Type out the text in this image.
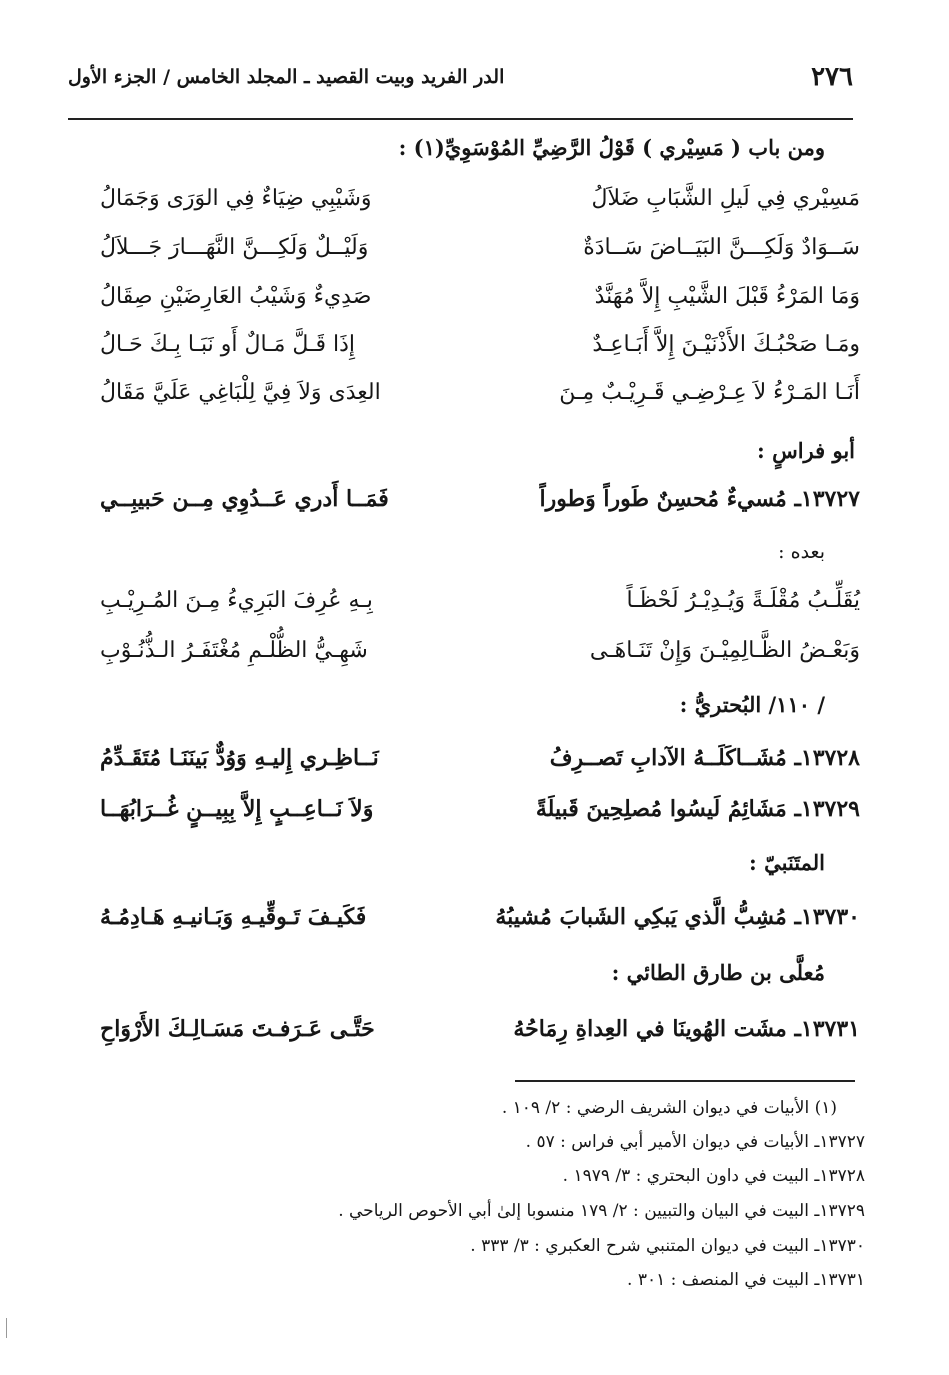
٢٧٦
الدر الفريد وبيت القصيد ـ المجلد الخامس / الجزء الأول
ومن باب ( مَسِيْري ) قَوْلُ الرَّضِيِّ المُوْسَوِيِّ(١) :
مَسِيْري فِي لَيلِ الشَّبَابِ ضَلاَلُ
وَشَيْبِي ضِيَاءٌ فِي الوَرَى وَجَمَالُ
سَــوَادٌ وَلَكِـــنَّ البَيَــاضَ سَــادَةٌ
وَلَيْــلٌ وَلَكِـــنَّ النَّهَـــارَ جَـــلاَلُ
وَمَا المَرْءُ قَبْلَ الشَّيْبِ إِلاَّ مُهَنَّدٌ
صَدِيءٌ وَشَيْبُ العَارِضَيْنِ صِقَالُ
ومَـا صَحْبُـكَ الأَذْنَيْـنَ إِلاَّ أَبَـاعِـدٌ
إِذَا قَـلَّ مَـالٌ أَو نَبَـا بِـكَ حَـالُ
أَنَـا المَـرْءُ لاَ عِـرْضِـي قَـرِيْـبٌ مِـنَ
العِدَى وَلاَ فِيَّ لِلْبَاغِي عَلَيَّ مَقَالُ
أبو فراسٍ :
١٣٧٢٧ـ مُسيءٌ مُحسِنٌ طَوراً وَطوراً
فَمَــا أَدري عَــدُوِي مِــن حَبيبِــي
بعده :
يُقَلِّـبُ مُقْلَـةً وَيُـدِيْـرُ لَحْظَـاً
بِـهِ عُرِفَ البَرِيءُ مِـنَ المُـرِيْـبِ
وَبَعْـضُ الظَّـالِمِيْـنَ وَإِنْ تَنَـاهَـى
شَهِـيُّ الظُّلْـمِ مُغْتَفَـرُ الـذُّنُـوْبِ
/ ١١٠/ البُحتريُّ :
١٣٧٢٨ـ مُشَــاكَلَــهُ الآدابِ تَصــرِفُ
نَــاظِـري إِليـهِ وَوُدٌّ بَينَنَـا مُتَقَـدِّمُ
١٣٧٢٩ـ مَشَائِمُ لَيسُوا مُصلِحِينَ قَبيلَةً
وَلاَ نَــاعِــبٍ إِلاَّ بِبِيــنٍ غُــرَابُهَــا
المتَنَبيّ :
١٣٧٣٠ـ مُشِبُّ الَّذي يَبكِي الشَبابَ مُشيبُهُ
فَكَيـفَ تَـوقِّيـهِ وَبَـانيـهِ هَـادِمُـهُ
مُعلَّى بن طارق الطائي :
١٣٧٣١ـ مشَت الهُوينَا في العِداةِ رِمَاحُهُ
حَتَّـى عَـرَفـتَ مَسَـالِـكَ الأَرْوَاحِ
(١) الأبيات في ديوان الشريف الرضي : ٢/ ١٠٩ .
١٣٧٢٧ـ الأبيات في ديوان الأمير أبي فراس : ٥٧ .
١٣٧٢٨ـ البيت في داون البحتري : ٣/ ١٩٧٩ .
١٣٧٢٩ـ البيت في البيان والتبيين : ٢/ ١٧٩ منسوبا إلىٰ أبي الأحوص الرياحي .
١٣٧٣٠ـ البيت في ديوان المتنبي شرح العكبري : ٣/ ٣٣٣ .
١٣٧٣١ـ البيت في المنصف : ٣٠١ .
